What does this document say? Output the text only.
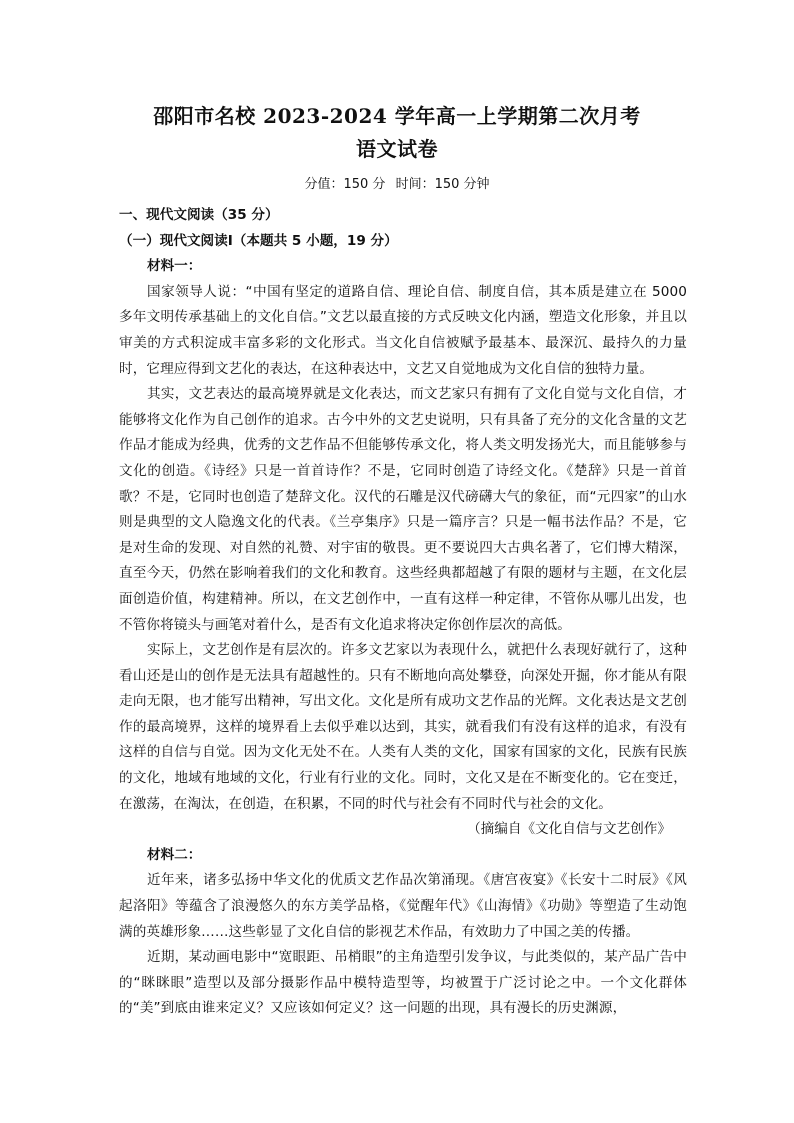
邵阳市名校 2023-2024 学年高一上学期第二次月考
语文试卷
分值：150 分 时间：150 分钟

一、现代文阅读（35 分）

（一）现代文阅读Ⅰ（本题共 5 小题，19 分）

材料一：

国家领导人说：“中国有坚定的道路自信、理论自信、制度自信，其本质是建立在 5000 多年文明传承基础上的文化自信。”文艺以最直接的方式反映文化内涵，塑造文化形象，并且以审美的方式积淀成丰富多彩的文化形式。当文化自信被赋予最基本、最深沉、最持久的力量时，它理应得到文艺化的表达，在这种表达中，文艺又自觉地成为文化自信的独特力量。

其实，文艺表达的最高境界就是文化表达，而文艺家只有拥有了文化自觉与文化自信，才能够将文化作为自己创作的追求。古今中外的文艺史说明，只有具备了充分的文化含量的文艺作品才能成为经典，优秀的文艺作品不但能够传承文化，将人类文明发扬光大，而且能够参与文化的创造。《诗经》只是一首首诗作？不是，它同时创造了诗经文化。《楚辞》只是一首首歌？不是，它同时也创造了楚辞文化。汉代的石雕是汉代磅礴大气的象征，而“元四家”的山水则是典型的文人隐逸文化的代表。《兰亭集序》只是一篇序言？只是一幅书法作品？不是，它是对生命的发现、对自然的礼赞、对宇宙的敬畏。更不要说四大古典名著了，它们博大精深，直至今天，仍然在影响着我们的文化和教育。这些经典都超越了有限的题材与主题，在文化层面创造价值，构建精神。所以，在文艺创作中，一直有这样一种定律，不管你从哪儿出发，也不管你将镜头与画笔对着什么，是否有文化追求将决定你创作层次的高低。

实际上，文艺创作是有层次的。许多文艺家以为表现什么，就把什么表现好就行了，这种看山还是山的创作是无法具有超越性的。只有不断地向高处攀登，向深处开掘，你才能从有限走向无限，也才能写出精神，写出文化。文化是所有成功文艺作品的光辉。文化表达是文艺创作的最高境界，这样的境界看上去似乎难以达到，其实，就看我们有没有这样的追求，有没有这样的自信与自觉。因为文化无处不在。人类有人类的文化，国家有国家的文化，民族有民族的文化，地域有地域的文化，行业有行业的文化。同时，文化又是在不断变化的。它在变迁，在激荡，在淘汰，在创造，在积累，不同的时代与社会有不同时代与社会的文化。

（摘编自《文化自信与文艺创作》

材料二：

近年来，诸多弘扬中华文化的优质文艺作品次第涌现。《唐宫夜宴》《长安十二时辰》《风起洛阳》等蕴含了浪漫悠久的东方美学品格，《觉醒年代》《山海情》《功勋》等塑造了生动饱满的英雄形象……这些彰显了文化自信的影视艺术作品，有效助力了中国之美的传播。

近期，某动画电影中“宽眼距、吊梢眼”的主角造型引发争议，与此类似的，某产品广告中的“眯眯眼”造型以及部分摄影作品中模特造型等，均被置于广泛讨论之中。一个文化群体的“美”到底由谁来定义？又应该如何定义？这一问题的出现，具有漫长的历史渊源，
